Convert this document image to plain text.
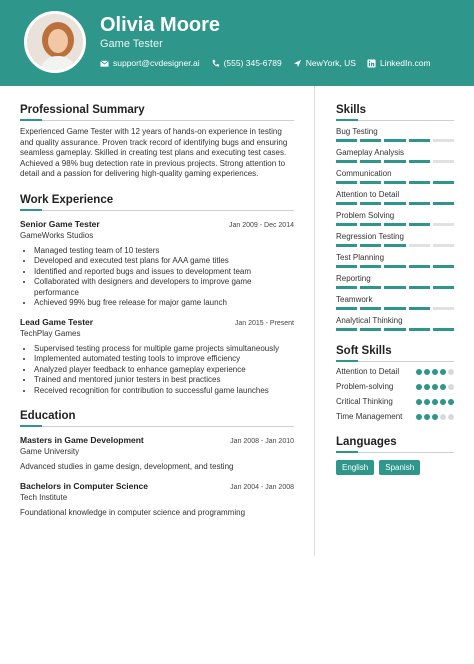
Olivia Moore
Game Tester
support@cvdesigner.ai	(555) 345-6789	NewYork, US	LinkedIn.com
Professional Summary

Experienced Game Tester with 12 years of hands-on experience in testing and quality assurance. Proven track record of identifying bugs and ensuring seamless gameplay. Skilled in creating test plans and executing test cases. Achieved a 98% bug detection rate in previous projects. Strong attention to detail and a passion for delivering high-quality gaming experiences.

Work Experience
Senior Game Tester	Jan 2009 - Dec 2014
GameWorks Studios
• Managed testing team of 10 testers
• Developed and executed test plans for AAA game titles
• Identified and reported bugs and issues to development team
• Collaborated with designers and developers to improve game performance
• Achieved 99% bug free release for major game launch
Lead Game Tester	Jan 2015 - Present
TechPlay Games
• Supervised testing process for multiple game projects simultaneously
• Implemented automated testing tools to improve efficiency
• Analyzed player feedback to enhance gameplay experience
• Trained and mentored junior testers in best practices
• Received recognition for contribution to successful game launches
Education
Masters in Game Development	Jan 2008 - Jan 2010
Game University

Advanced studies in game design, development, and testing

Bachelors in Computer Science	Jan 2004 - Jan 2008
Tech Institute

Foundational knowledge in computer science and programming

Skills
Bug Testing
Gameplay Analysis
Communication
Attention to Detail
Problem Solving
Regression Testing
Test Planning
Reporting
Teamwork
Analytical Thinking
Soft Skills
Attention to Detail
Problem-solving
Critical Thinking
Time Management
Languages
English	Spanish
